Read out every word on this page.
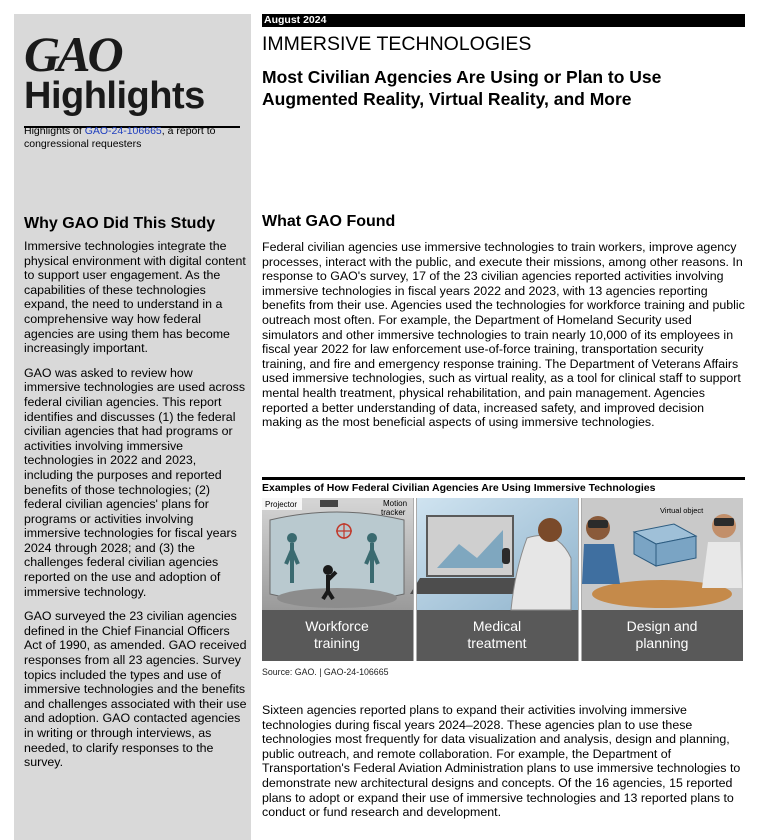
GAO
Highlights
Highlights of GAO-24-106665, a report to congressional requesters
Why GAO Did This Study

Immersive technologies integrate the physical environment with digital content to support user engagement. As the capabilities of these technologies expand, the need to understand in a comprehensive way how federal agencies are using them has become increasingly important.

GAO was asked to review how immersive technologies are used across federal civilian agencies. This report identifies and discusses (1) the federal civilian agencies that had programs or activities involving immersive technologies in 2022 and 2023, including the purposes and reported benefits of those technologies; (2) federal civilian agencies' plans for programs or activities involving immersive technologies for fiscal years 2024 through 2028; and (3) the challenges federal civilian agencies reported on the use and adoption of immersive technology.

GAO surveyed the 23 civilian agencies defined in the Chief Financial Officers Act of 1990, as amended. GAO received responses from all 23 agencies. Survey topics included the types and use of immersive technologies and the benefits and challenges associated with their use and adoption. GAO contacted agencies in writing or through interviews, as needed, to clarify responses to the survey.

August 2024
IMMERSIVE TECHNOLOGIES
Most Civilian Agencies Are Using or Plan to Use Augmented Reality, Virtual Reality, and More
What GAO Found
Federal civilian agencies use immersive technologies to train workers, improve agency processes, interact with the public, and execute their missions, among other reasons. In response to GAO's survey, 17 of the 23 civilian agencies reported activities involving immersive technologies in fiscal years 2022 and 2023, with 13 agencies reporting benefits from their use. Agencies used the technologies for workforce training and public outreach most often. For example, the Department of Homeland Security used simulators and other immersive technologies to train nearly 10,000 of its employees in fiscal year 2022 for law enforcement use-of-force training, transportation security training, and fire and emergency response training. The Department of Veterans Affairs used immersive technologies, such as virtual reality, as a tool for clinical staff to support mental health treatment, physical rehabilitation, and pain management. Agencies reported a better understanding of data, increased safety, and improved decision making as the most beneficial aspects of using immersive technologies.
Examples of How Federal Civilian Agencies Are Using Immersive Technologies
Projector	Motion
tracker
Workforce
training
Medical
treatment
Virtual object
Design and
planning
Source: GAO. | GAO-24-106665
Sixteen agencies reported plans to expand their activities involving immersive technologies during fiscal years 2024–2028. These agencies plan to use these technologies most frequently for data visualization and analysis, design and planning, public outreach, and remote collaboration. For example, the Department of Transportation's Federal Aviation Administration plans to use immersive technologies to demonstrate new architectural designs and concepts. Of the 16 agencies, 15 reported plans to adopt or expand their use of immersive technologies and 13 reported plans to conduct or fund research and development.
